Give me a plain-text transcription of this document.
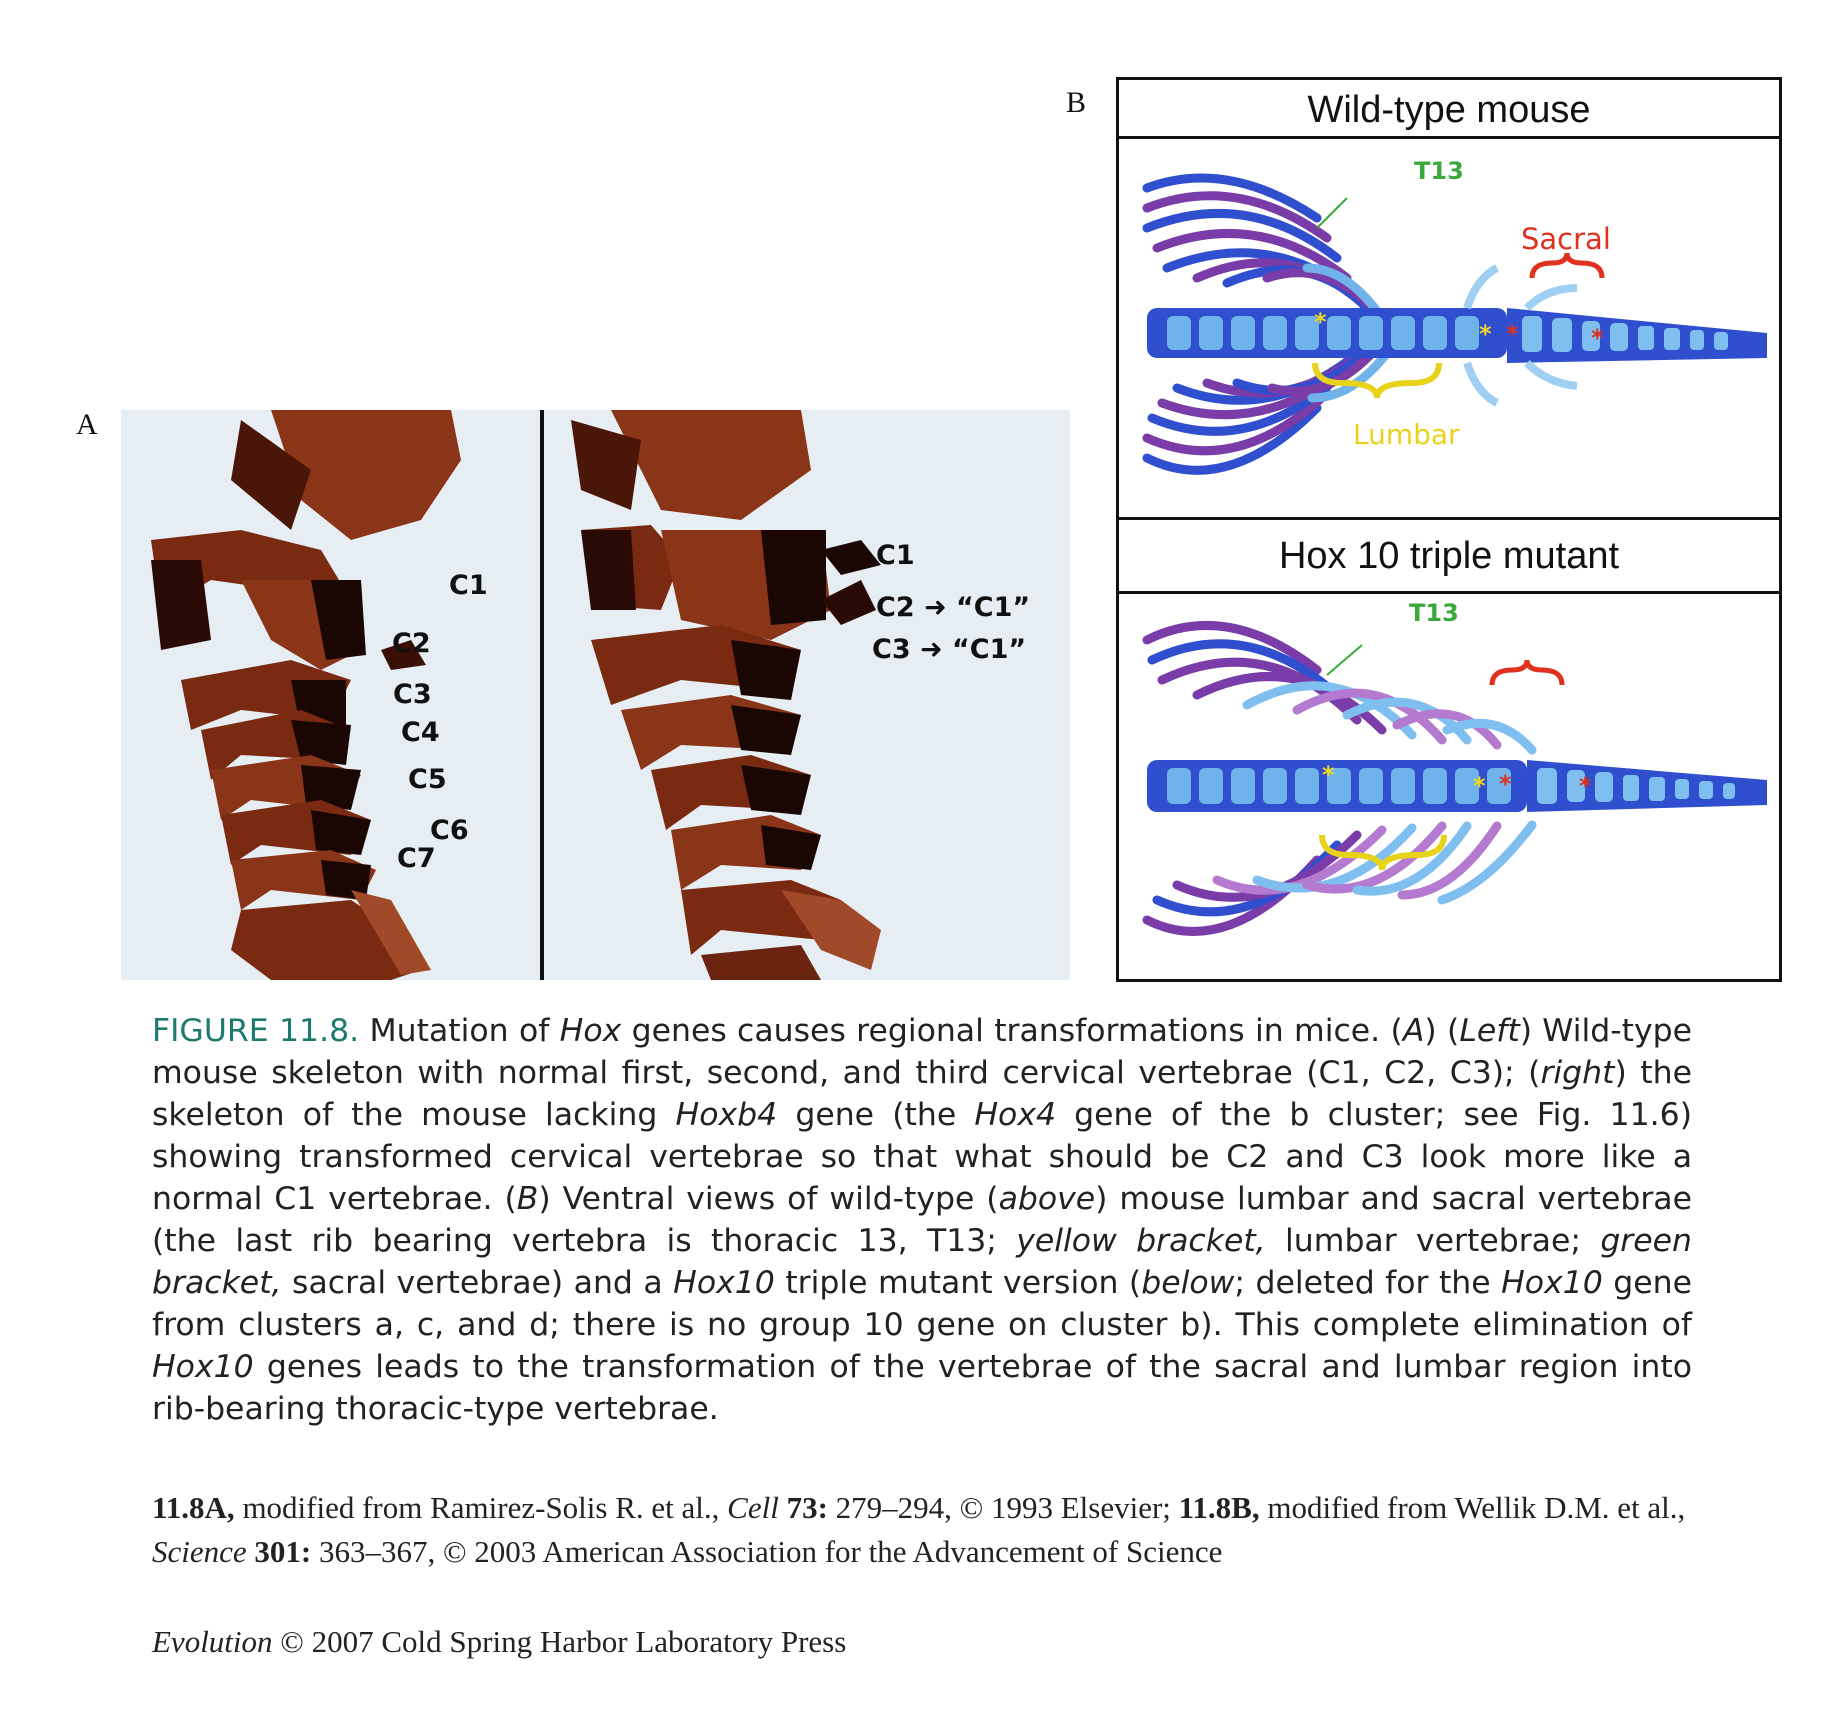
A
C1
C2
C3
C4
C5
C6
C7
C1
C2 ➜ “C1”
C3 ➜ “C1”
B	Wild-type mouse
T13
Sacral
Lumbar
*	* *	*
Hox 10 triple mutant
T13
*	* *	*
FIGURE 11.8. Mutation of Hox genes causes regional transformations in mice. (A) (Left) Wild-type mouse skeleton with normal first, second, and third cervical vertebrae (C1, C2, C3); (right) the skeleton of the mouse lacking Hoxb4 gene (the Hox4 gene of the b cluster; see Fig. 11.6) showing transformed cervical vertebrae so that what should be C2 and C3 look more like a normal C1 vertebrae. (B) Ventral views of wild-type (above) mouse lumbar and sacral vertebrae (the last rib bearing vertebra is thoracic 13, T13; yellow bracket, lumbar vertebrae; green bracket, sacral vertebrae) and a Hox10 triple mutant version (below; deleted for the Hox10 gene from clusters a, c, and d; there is no group 10 gene on cluster b). This complete elimination of Hox10 genes leads to the transformation of the vertebrae of the sacral and lumbar region into rib-bearing thoracic-type vertebrae.
11.8A, modified from Ramirez-Solis R. et al., Cell 73: 279–294, © 1993 Elsevier; 11.8B, modified from Wellik D.M. et al., Science 301: 363–367, © 2003 American Association for the Advancement of Science
Evolution © 2007 Cold Spring Harbor Laboratory Press
